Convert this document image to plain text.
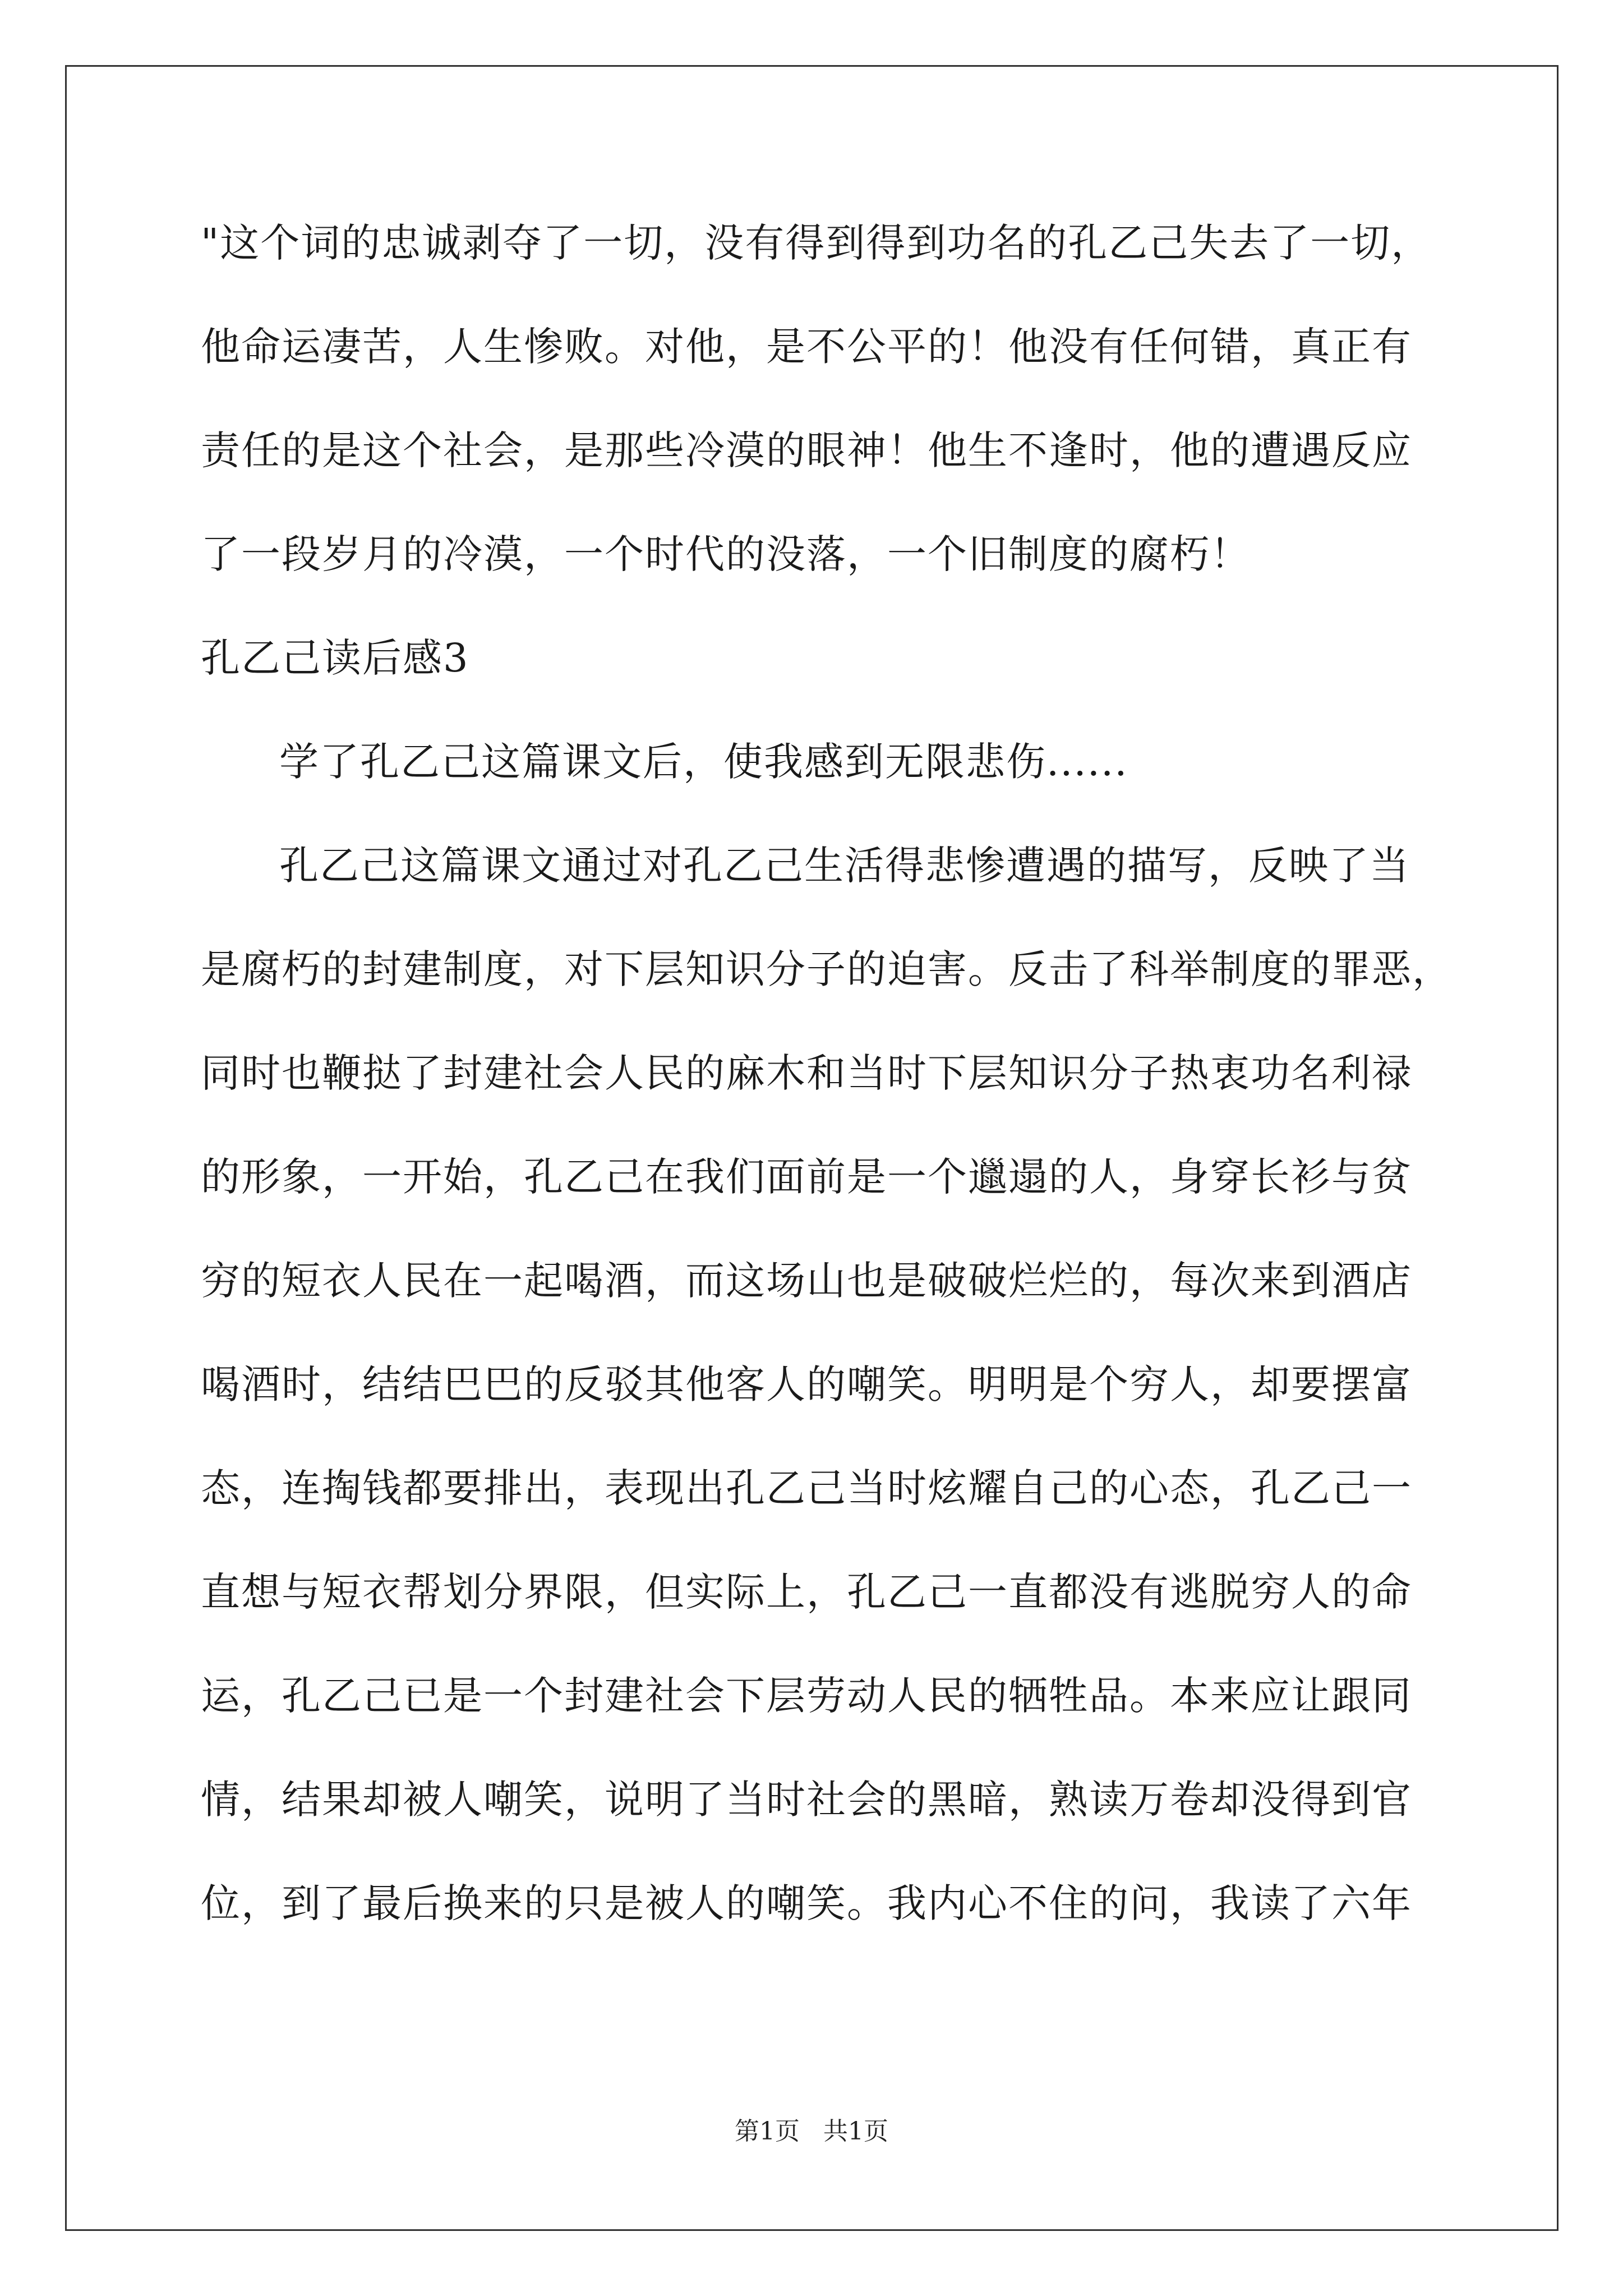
"这个词的忠诚剥夺了一切，没有得到得到功名的孔乙己失去了一切，
他命运凄苦，人生惨败。对他，是不公平的！他没有任何错，真正有
责任的是这个社会，是那些冷漠的眼神！他生不逢时，他的遭遇反应
了一段岁月的冷漠，一个时代的没落，一个旧制度的腐朽！
孔乙己读后感3
学了孔乙己这篇课文后，使我感到无限悲伤......
孔乙己这篇课文通过对孔乙己生活得悲惨遭遇的描写，反映了当
是腐朽的封建制度，对下层知识分子的迫害。反击了科举制度的罪恶，
同时也鞭挞了封建社会人民的麻木和当时下层知识分子热衷功名利禄
的形象，一开始，孔乙己在我们面前是一个邋遢的人，身穿长衫与贫
穷的短衣人民在一起喝酒，而这场山也是破破烂烂的，每次来到酒店
喝酒时，结结巴巴的反驳其他客人的嘲笑。明明是个穷人，却要摆富
态，连掏钱都要排出，表现出孔乙己当时炫耀自己的心态，孔乙己一
直想与短衣帮划分界限，但实际上，孔乙己一直都没有逃脱穷人的命
运，孔乙己已是一个封建社会下层劳动人民的牺牲品。本来应让跟同
情，结果却被人嘲笑，说明了当时社会的黑暗，熟读万卷却没得到官
位，到了最后换来的只是被人的嘲笑。我内心不住的问，我读了六年
第1页   共1页
